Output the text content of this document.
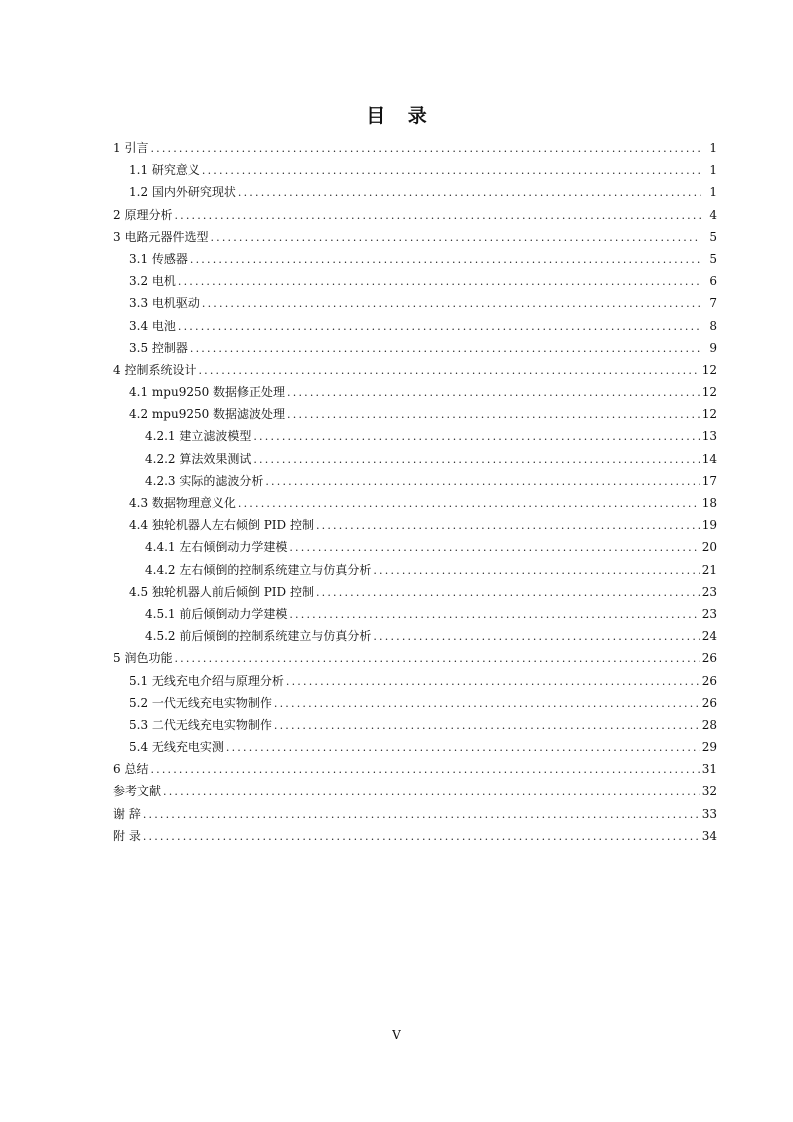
目 录
1 引言 .....	1
1.1 研究意义 .....	1
1.2 国内外研究现状 .....	1
2 原理分析 .....	4
3 电路元器件选型 .....	5
3.1 传感器 .....	5
3.2 电机 .....	6
3.3 电机驱动 .....	7
3.4 电池 .....	8
3.5 控制器 .....	9
4 控制系统设计 .....	12
4.1 mpu9250 数据修正处理 .....	12
4.2 mpu9250 数据滤波处理 .....	12
4.2.1 建立滤波模型 .....	13
4.2.2 算法效果测试 .....	14
4.2.3 实际的滤波分析 .....	17
4.3 数据物理意义化 .....	18
4.4 独轮机器人左右倾倒 PID 控制 .....	19
4.4.1 左右倾倒动力学建模 .....	20
4.4.2 左右倾倒的控制系统建立与仿真分析 .....	21
4.5 独轮机器人前后倾倒 PID 控制 .....	23
4.5.1 前后倾倒动力学建模 .....	23
4.5.2 前后倾倒的控制系统建立与仿真分析 .....	24
5 润色功能 .....	26
5.1 无线充电介绍与原理分析 .....	26
5.2 一代无线充电实物制作 .....	26
5.3 二代无线充电实物制作 .....	28
5.4 无线充电实测 .....	29
6 总结 .....	31
参考文献 .....	32
谢 辞 .....	33
附 录 .....	34
V
